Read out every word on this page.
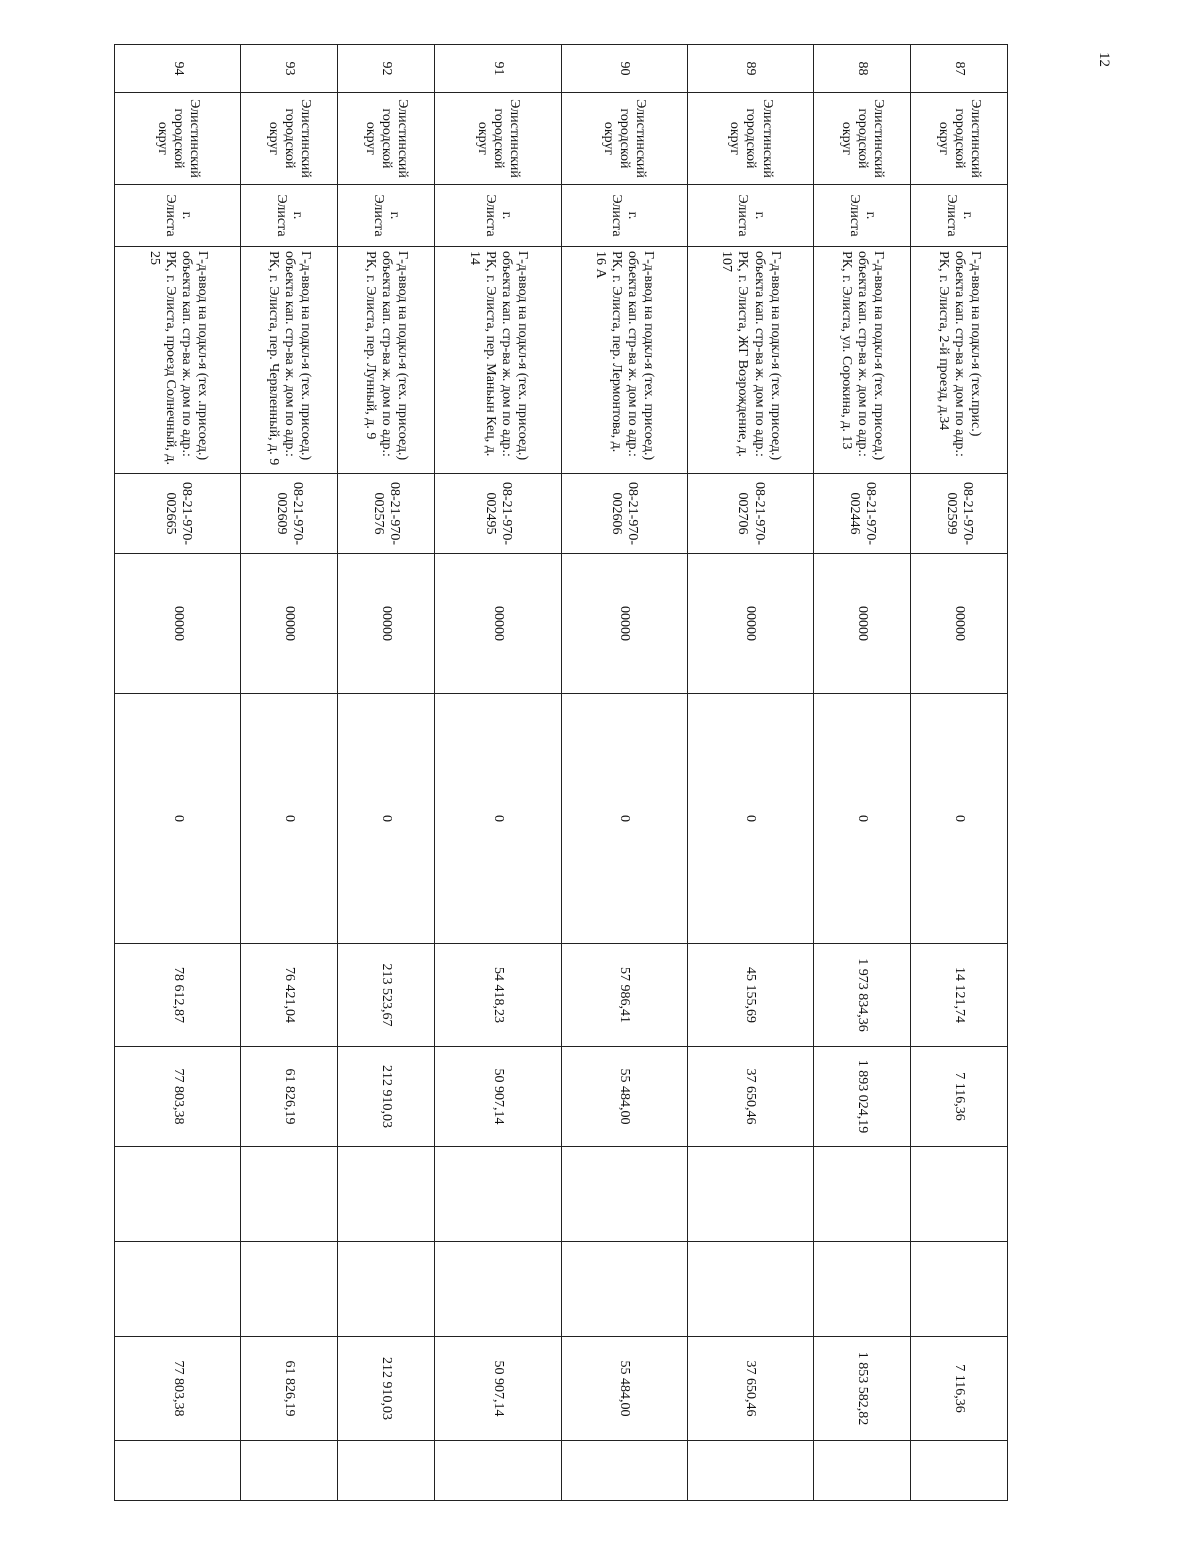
12
87	Элистинский городской округ	г. Элиста	Г-д-ввод на подкл-я (тех.прис.) объекта кап. стр-ва ж. дом по адр.: РК, г. Элиста, 2-й проезд, д.34	08-21-970-002599	00000	0	14 121,74	7 116,36			7 116,36	
88	Элистинский городской округ	г. Элиста	Г-д-ввод на подкл-я (тех. присоед.) объекта кап. стр-ва ж. дом по адр.: РК, г. Элиста, ул. Сорокина, д. 13	08-21-970-002446	00000	0	1 973 834,36	1 893 024,19			1 853 582,82	
89	Элистинский городской округ	г. Элиста	Г-д-ввод на подкл-я (тех. присоед.) объекта кап. стр-ва ж. дом по адр.: РК, г. Элиста, ЖГ Возрождение, д. 107	08-21-970-002706	00000	0	45 155,69	37 650,46			37 650,46	
90	Элистинский городской округ	г. Элиста	Г-д-ввод на подкл-я (тех. присоед.) объекта кап. стр-ва ж. дом по адр.: РК, г. Элиста, пер. Лермонтова, д. 16 А	08-21-970-002606	00000	0	57 986,41	55 484,00			55 484,00	
91	Элистинский городской округ	г. Элиста	Г-д-ввод на подкл-я (тех. присоед.) объекта кап. стр-ва ж. дом по адр.: РК, г. Элиста, пер. Маньын Кец, д. 14	08-21-970-002495	00000	0	54 418,23	50 907,14			50 907,14	
92	Элистинский городской округ	г. Элиста	Г-д-ввод на подкл-я (тех. присоед.) объекта кап. стр-ва ж. дом по адр.: РК, г. Элиста, пер. Лунный, д. 9	08-21-970-002576	00000	0	213 523,67	212 910,03			212 910,03	
93	Элистинский городской округ	г. Элиста	Г-д-ввод на подкл-я (тех. присоед.) объекта кап. стр-ва ж. дом по адр.: РК, г. Элиста, пер. Червленный, д. 9	08-21-970-002609	00000	0	76 421,04	61 826,19			61 826,19	
94	Элистинский городской округ	г. Элиста	Г-д-ввод на подкл-я (тех .присоед.) объекта кап. стр-ва ж. дом по адр.: РК, г. Элиста, проезд Солнечный, д. 25	08-21-970-002665	00000	0	78 612,87	77 803,38			77 803,38	
